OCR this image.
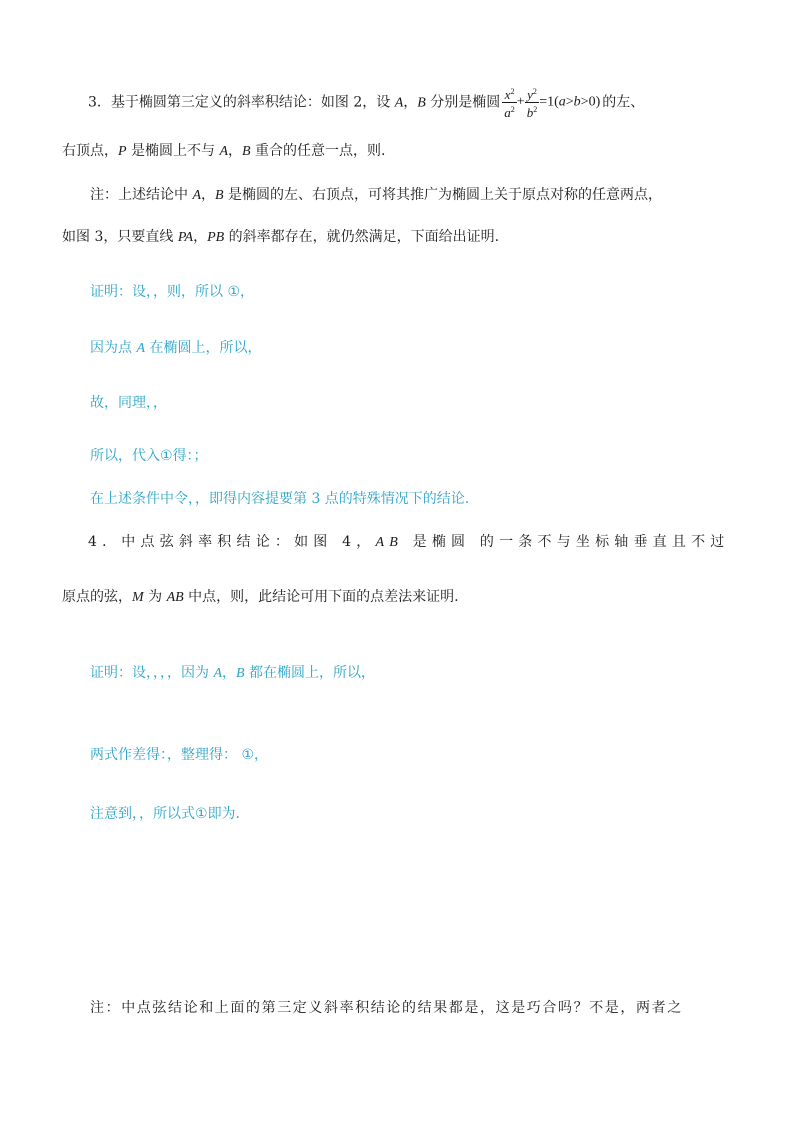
3．基于椭圆第三定义的斜率积结论：如图 2，设 A，B 分别是椭圆 $\frac{x^2}{a^2} + \frac{y^2}{b^2} =1(a>b>0)$ 的左、
右顶点，P 是椭圆上不与 A，B 重合的任意一点，则.
注：上述结论中 A，B 是椭圆的左、右顶点，可将其推广为椭圆上关于原点对称的任意两点，
如图 3，只要直线 PA，PB 的斜率都存在，就仍然满足，下面给出证明.
证明：设，，则，所以 ①，
因为点 A 在椭圆上，所以，
故，同理，，
所以，代入①得：；
在上述条件中令，，即得内容提要第 3 点的特殊情况下的结论.
4．中点弦斜率积结论：如图 4，AB 是椭圆 的一条不与坐标轴垂直且不过
原点的弦，M 为 AB 中点，则，此结论可用下面的点差法来证明.
证明：设，，，，因为 A，B 都在椭圆上，所以，
两式作差得：，整理得： ①，
注意到，，所以式①即为.
注：中点弦结论和上面的第三定义斜率积结论的结果都是，这是巧合吗？不是，两者之
